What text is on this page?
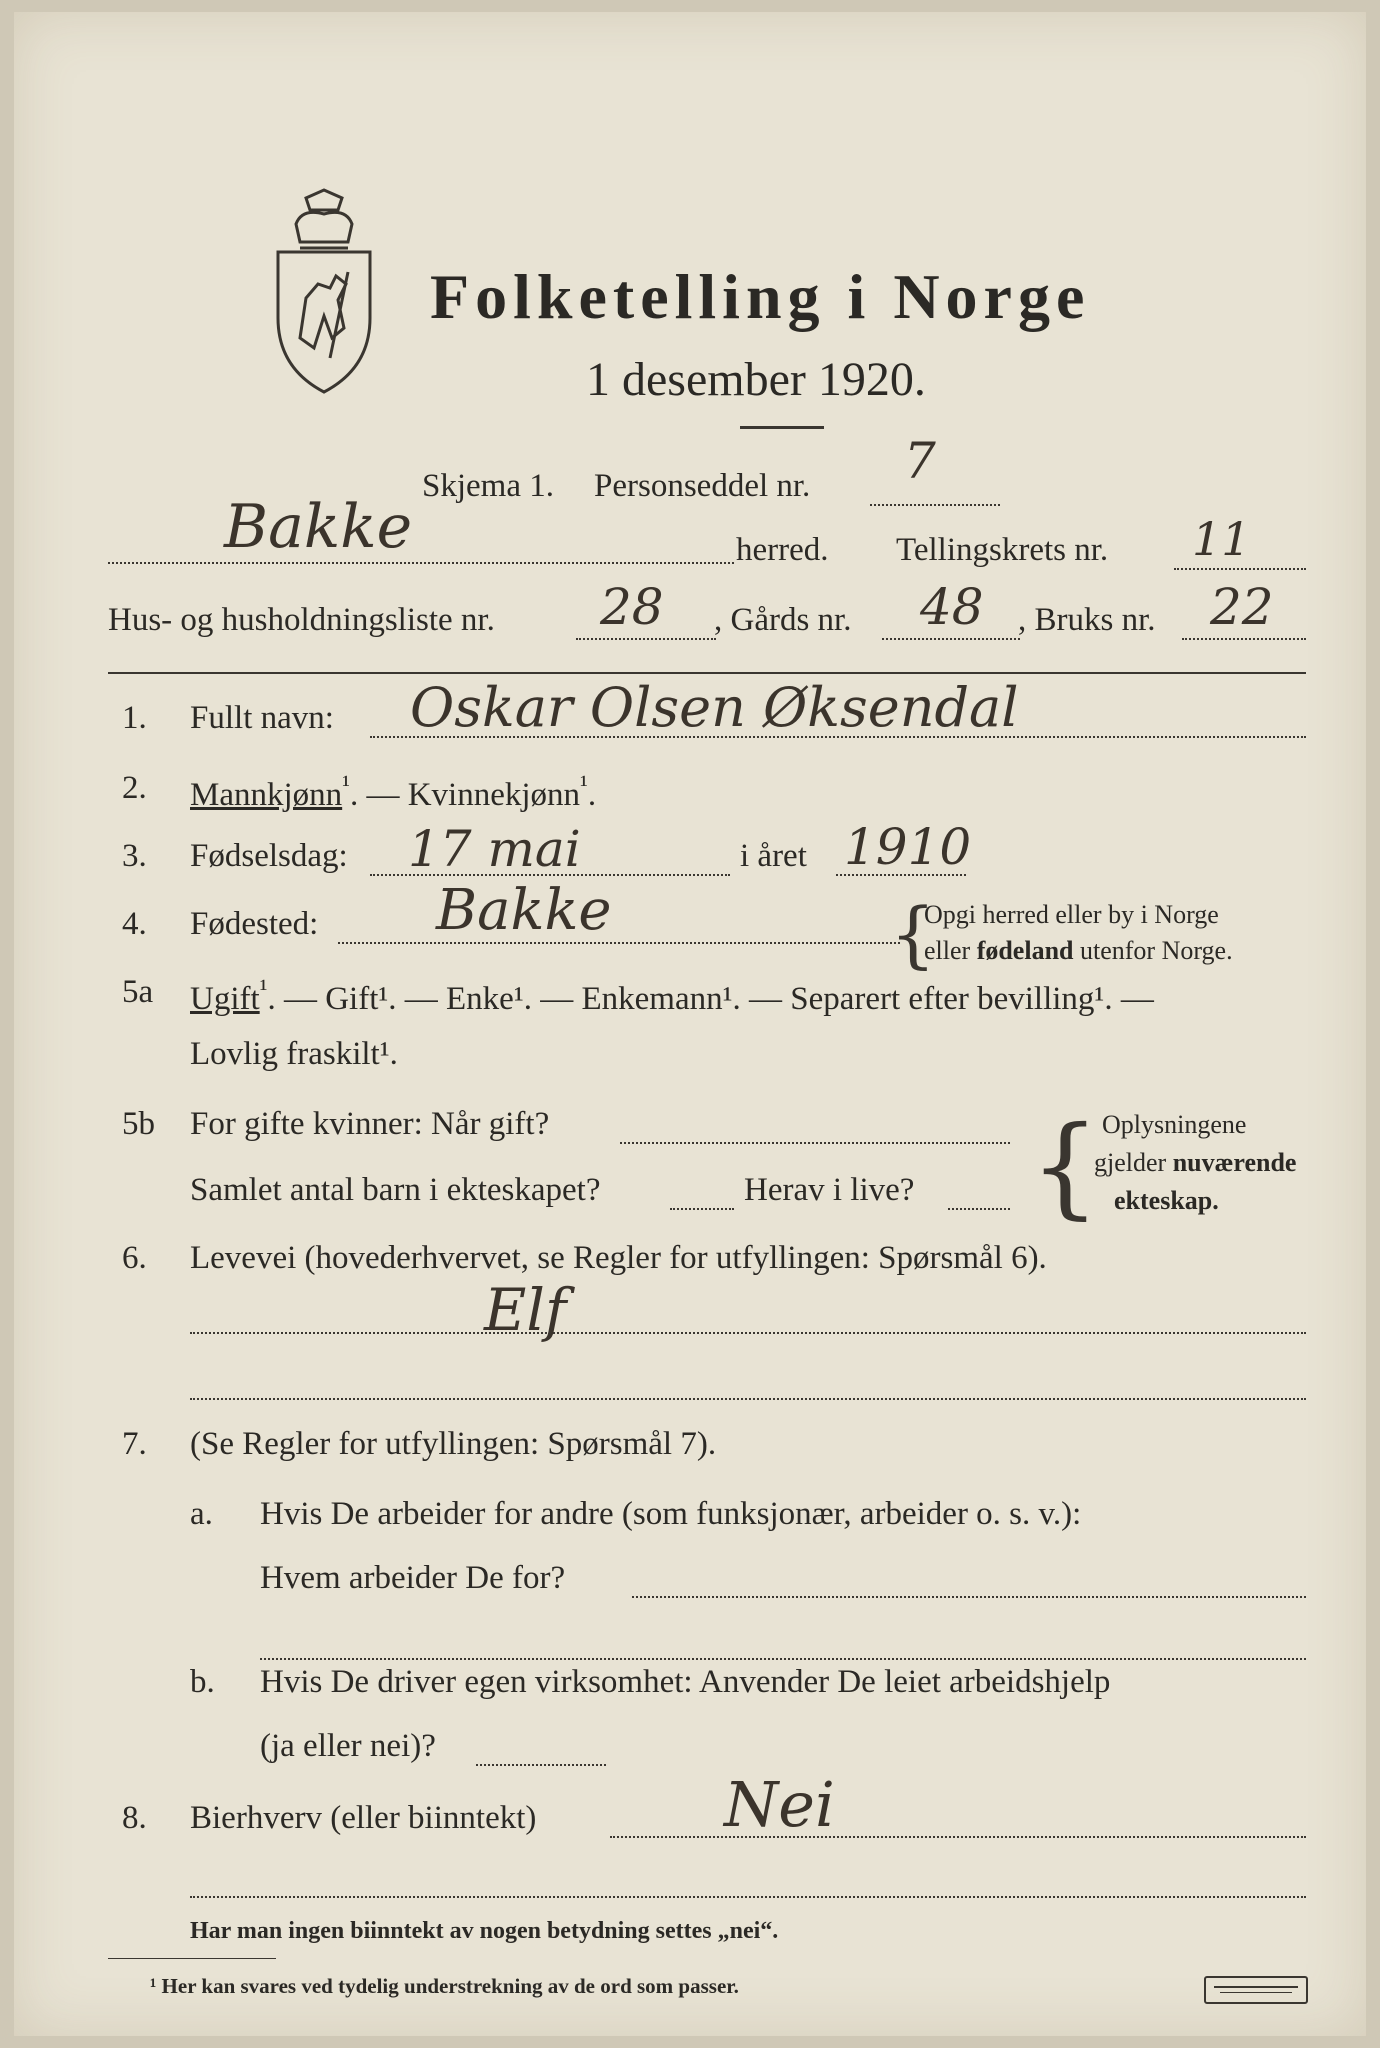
Folketelling i Norge
1 desember 1920.
Skjema 1. Personseddel nr. 7
Bakke	herred. Tellingskrets nr. 11
Hus- og husholdningsliste nr. 28 , Gårds nr. 48 , Bruks nr. 22
1. Fullt navn: Oskar Olsen Øksendal
2. Mannkjønn$^{^1}$. — Kvinnekjønn$^{^1}$.
3. Fødselsdag: 17 mai	i året 1910
4. Fødested: Bakke	{
Opgi herred eller by i Norge
eller fødeland utenfor Norge.
5a Ugift$^{^1}$. — Gift¹. — Enke¹. — Enkemann¹. — Separert efter bevilling¹. —
Lovlig fraskilt¹.
5b For gifte kvinner: Når gift?
Samlet antal barn i ekteskapet?	Herav i live? { Oplysningene
gjelder nuværende
ekteskap.
6. Levevei (hovederhvervet, se Regler for utfyllingen: Spørsmål 6).
Elf
7. (Se Regler for utfyllingen: Spørsmål 7).
a. Hvis De arbeider for andre (som funksjonær, arbeider o. s. v.):
Hvem arbeider De for?
b. Hvis De driver egen virksomhet: Anvender De leiet arbeidshjelp
(ja eller nei)?
8. Bierhverv (eller biinntekt)	Nei
Har man ingen biinntekt av nogen betydning settes „nei“.
¹ Her kan svares ved tydelig understrekning av de ord som passer.
